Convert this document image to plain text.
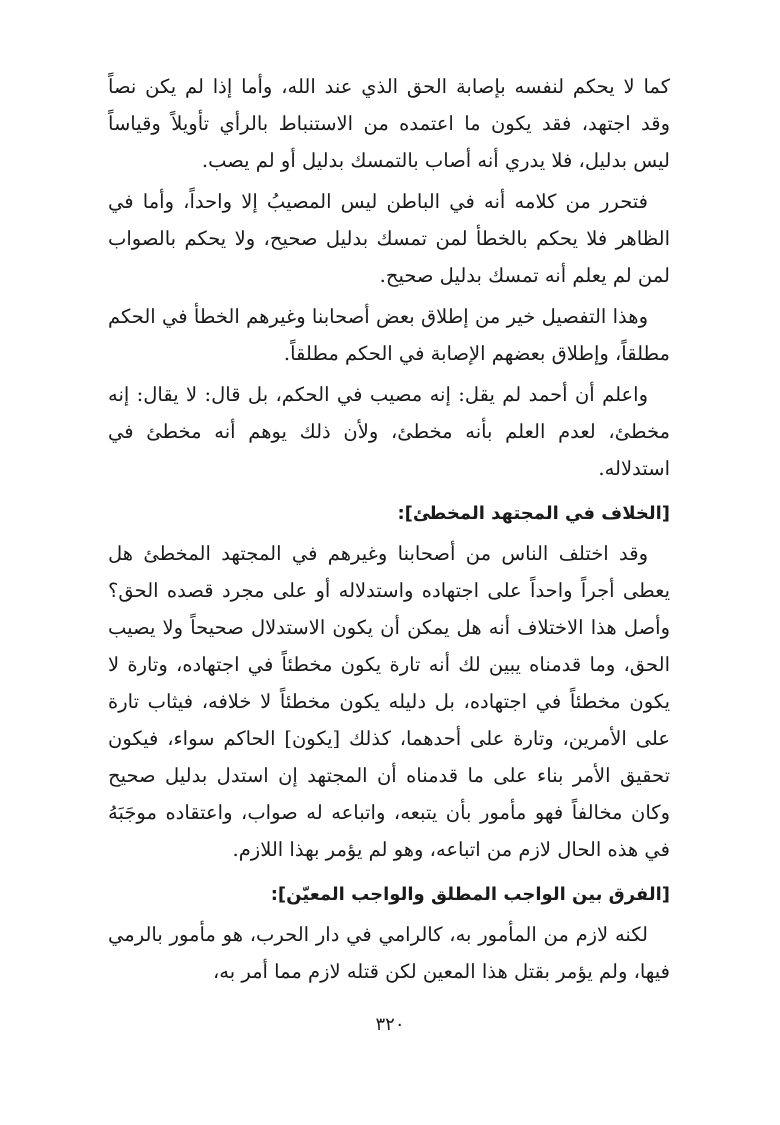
كما لا يحكم لنفسه بإصابة الحق الذي عند الله، وأما إذا لم يكن نصاً وقد اجتهد، فقد يكون ما اعتمده من الاستنباط بالرأي تأويلاً وقياساً ليس بدليل، فلا يدري أنه أصاب بالتمسك بدليل أو لم يصب.

فتحرر من كلامه أنه في الباطن ليس المصيبُ إلا واحداً، وأما في الظاهر فلا يحكم بالخطأ لمن تمسك بدليل صحيح، ولا يحكم بالصواب لمن لم يعلم أنه تمسك بدليل صحيح.

وهذا التفصيل خير من إطلاق بعض أصحابنا وغيرهم الخطأ في الحكم مطلقاً، وإطلاق بعضهم الإصابة في الحكم مطلقاً.

واعلم أن أحمد لم يقل: إنه مصيب في الحكم، بل قال: لا يقال: إنه مخطئ، لعدم العلم بأنه مخطئ، ولأن ذلك يوهم أنه مخطئ في استدلاله.

[الخلاف في المجتهد المخطئ]:

وقد اختلف الناس من أصحابنا وغيرهم في المجتهد المخطئ هل يعطى أجراً واحداً على اجتهاده واستدلاله أو على مجرد قصده الحق؟ وأصل هذا الاختلاف أنه هل يمكن أن يكون الاستدلال صحيحاً ولا يصيب الحق، وما قدمناه يبين لك أنه تارة يكون مخطئاً في اجتهاده، وتارة لا يكون مخطئاً في اجتهاده، بل دليله يكون مخطئاً لا خلافه، فيثاب تارة على الأمرين، وتارة على أحدهما، كذلك [يكون] الحاكم سواء، فيكون تحقيق الأمر بناء على ما قدمناه أن المجتهد إن استدل بدليل صحيح وكان مخالفاً فهو مأمور بأن يتبعه، واتباعه له صواب، واعتقاده موجَبَهُ في هذه الحال لازم من اتباعه، وهو لم يؤمر بهذا اللازم.

[الفرق بين الواجب المطلق والواجب المعيّن]:

لكنه لازم من المأمور به، كالرامي في دار الحرب، هو مأمور بالرمي فيها، ولم يؤمر بقتل هذا المعين لكن قتله لازم مما أمر به،

٣٢٠
